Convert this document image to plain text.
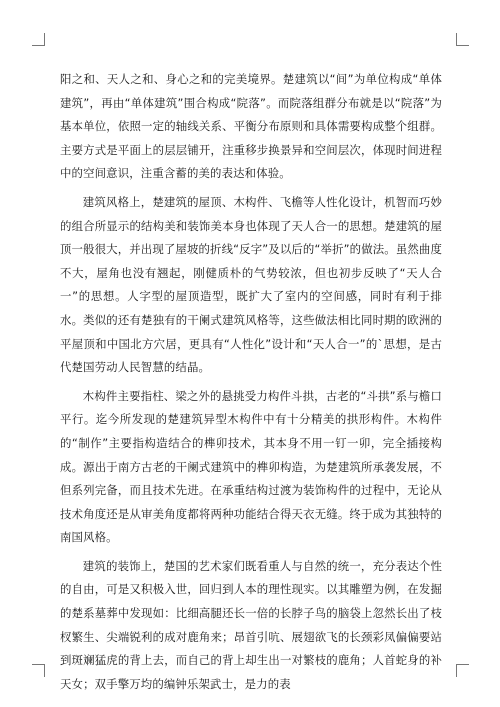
阳之和、天人之和、身心之和的完美境界。楚建筑以“间”为单位构成“单体建筑”，再由“单体建筑”围合构成“院落”。而院落组群分布就是以“院落”为基本单位，依照一定的轴线关系、平衡分布原则和具体需要构成整个组群。主要方式是平面上的层层铺开，注重移步换景异和空间层次，体现时间进程中的空间意识，注重含蓄的美的表达和体验。

建筑风格上，楚建筑的屋顶、木构件、飞檐等人性化设计，机智而巧妙的组合所显示的结构美和装饰美本身也体现了天人合一的思想。楚建筑的屋顶一般很大，并出现了屋坡的折线“反字”及以后的“举折”的做法。虽然曲度不大，屋角也没有翘起，刚健质朴的气势较浓，但也初步反映了“天人合一”的思想。人字型的屋顶造型，既扩大了室内的空间感，同时有利于排水。类似的还有楚独有的干阑式建筑风格等，这些做法相比同时期的欧洲的平屋顶和中国北方穴居，更具有“人性化”设计和“天人合一”的`思想，是古代楚国劳动人民智慧的结晶。

木构件主要指柱、梁之外的悬挑受力构件斗拱，古老的“斗拱”系与檐口平行。迄今所发现的楚建筑异型木构件中有十分精美的拱形构件。木构件的“制作”主要指构造结合的榫卯技术，其本身不用一钉一卯，完全插接构成。源出于南方古老的干阑式建筑中的榫卯构造，为楚建筑所承袭发展，不但系列完备，而且技术先进。在承重结构过渡为装饰构件的过程中，无论从技术角度还是从审美角度都将两种功能结合得天衣无缝。终于成为其独特的南国风格。

建筑的装饰上，楚国的艺术家们既看重人与自然的统一，充分表达个性的自由，可是又积极入世，回归到人本的理性现实。以其雕塑为例，在发掘的楚系墓葬中发现如：比细高腿还长一倍的长脖子鸟的脑袋上忽然长出了枝杈繁生、尖端锐利的成对鹿角来；昂首引吭、展翅欲飞的长颈彩凤偏偏要站到斑斓猛虎的背上去，而自己的背上却生出一对繁枝的鹿角；人首蛇身的补天女；双手擎万均的编钟乐架武士，是力的表
